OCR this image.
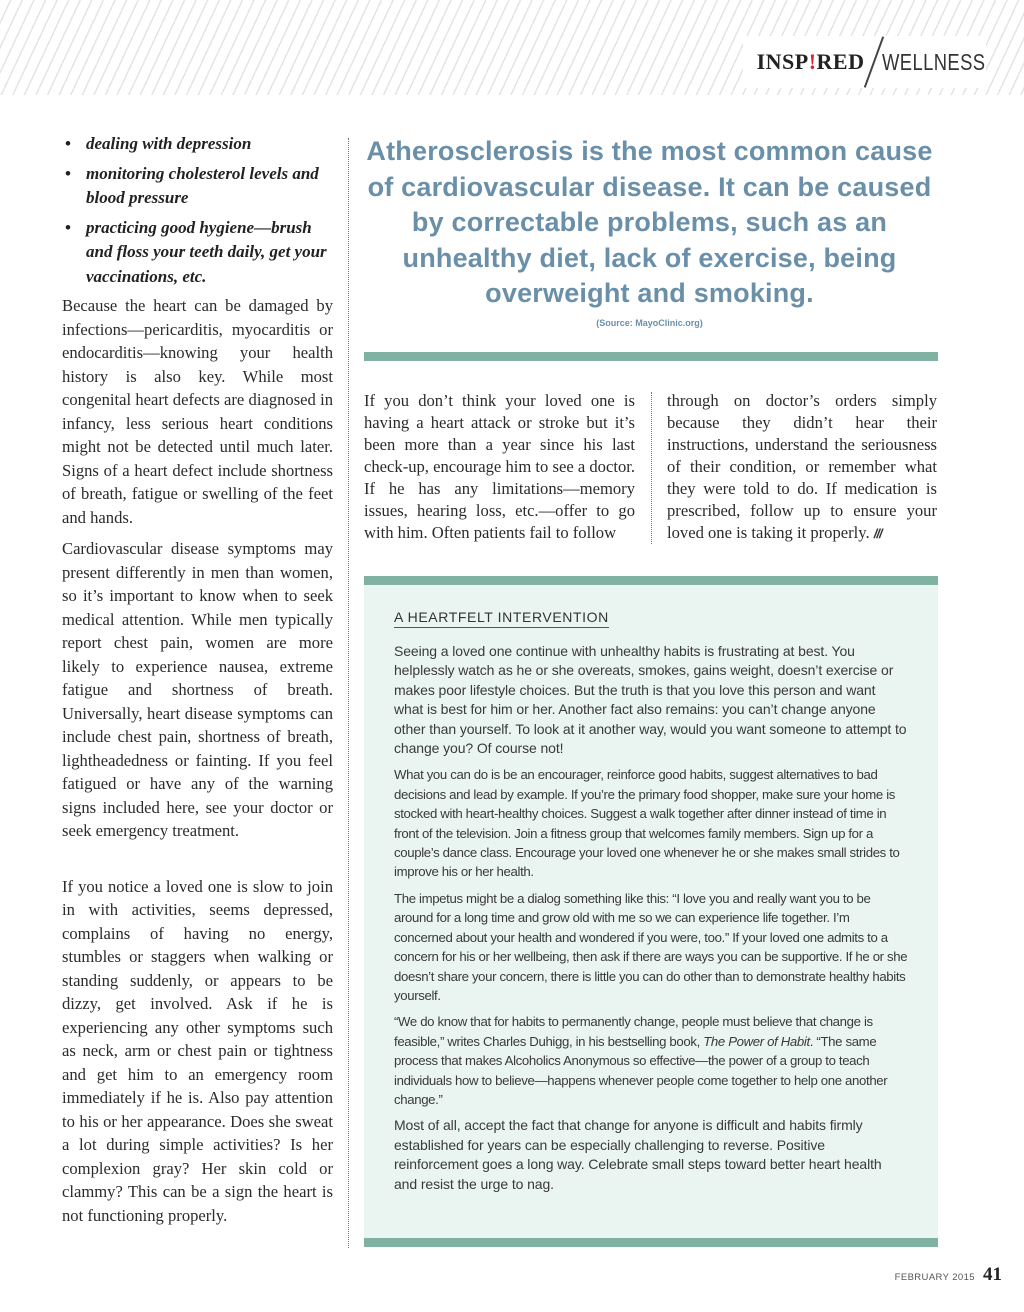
INSP!RED WELLNESS
• dealing with depression
• monitoring cholesterol levels and blood pressure
• practicing good hygiene—brush and floss your teeth daily, get your vaccinations, etc.

Because the heart can be damaged by infections—pericarditis, myocarditis or endocarditis—knowing your health history is also key. While most congenital heart defects are diagnosed in infancy, less serious heart conditions might not be detected until much later. Signs of a heart defect include shortness of breath, fatigue or swelling of the feet and hands.

Cardiovascular disease symptoms may present differently in men than women, so it’s important to know when to seek medical attention. While men typically report chest pain, women are more likely to experience nausea, extreme fatigue and shortness of breath. Universally, heart disease symptoms can include chest pain, shortness of breath, lightheadedness or fainting. If you feel fatigued or have any of the warning signs included here, see your doctor or seek emergency treatment.

If you notice a loved one is slow to join in with activities, seems depressed, complains of having no energy, stumbles or staggers when walking or standing suddenly, or appears to be dizzy, get involved. Ask if he is experiencing any other symptoms such as neck, arm or chest pain or tightness and get him to an emergency room immediately if he is. Also pay attention to his or her appearance. Does she sweat a lot during simple activities? Is her complexion gray? Her skin cold or clammy? This can be a sign the heart is not functioning properly.

Atherosclerosis is the most common cause of cardiovascular disease. It can be caused by correctable problems, such as an unhealthy diet, lack of exercise, being overweight and smoking.
(Source: MayoClinic.org)
If you don’t think your loved one is having a heart attack or stroke but it’s been more than a year since his last check-up, encourage him to see a doctor. If he has any limitations—memory issues, hearing loss, etc.—offer to go with him. Often patients fail to follow
through on doctor’s orders simply because they didn’t hear their instructions, understand the seriousness of their condition, or remember what they were told to do. If medication is prescribed, follow up to ensure your loved one is taking it properly. ///
A HEARTFELT INTERVENTION

Seeing a loved one continue with unhealthy habits is frustrating at best. You helplessly watch as he or she overeats, smokes, gains weight, doesn’t exercise or makes poor lifestyle choices. But the truth is that you love this person and want what is best for him or her. Another fact also remains: you can’t change anyone other than yourself. To look at it another way, would you want someone to attempt to change you? Of course not!

What you can do is be an encourager, reinforce good habits, suggest alternatives to bad decisions and lead by example. If you’re the primary food shopper, make sure your home is stocked with heart-healthy choices. Suggest a walk together after dinner instead of time in front of the television. Join a fitness group that welcomes family members. Sign up for a couple’s dance class. Encourage your loved one whenever he or she makes small strides to improve his or her health.

The impetus might be a dialog something like this: “I love you and really want you to be around for a long time and grow old with me so we can experience life together. I’m concerned about your health and wondered if you were, too.” If your loved one admits to a concern for his or her wellbeing, then ask if there are ways you can be supportive. If he or she doesn’t share your concern, there is little you can do other than to demonstrate healthy habits yourself.

“We do know that for habits to permanently change, people must believe that change is feasible,” writes Charles Duhigg, in his bestselling book, The Power of Habit. “The same process that makes Alcoholics Anonymous so effective—the power of a group to teach individuals how to believe—happens whenever people come together to help one another change.”

Most of all, accept the fact that change for anyone is difficult and habits firmly established for years can be especially challenging to reverse. Positive reinforcement goes a long way. Celebrate small steps toward better heart health and resist the urge to nag.

FEBRUARY 2015 41
